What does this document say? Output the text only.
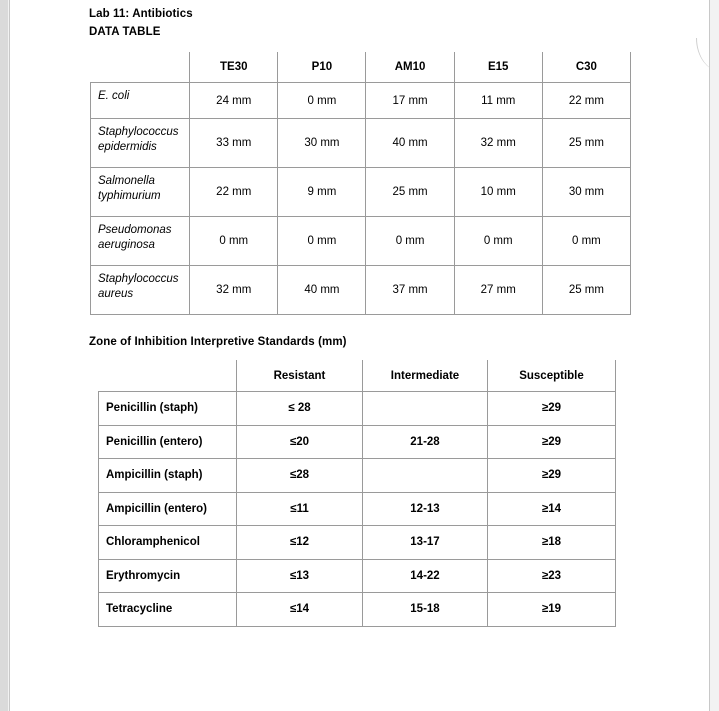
Lab 11: Antibiotics
DATA TABLE
	TE30	P10	AM10	E15	C30
E. coli	24 mm	0 mm	17 mm	11 mm	22 mm
Staphylococcus epidermidis	33 mm	30 mm	40 mm	32 mm	25 mm
Salmonella typhimurium	22 mm	9 mm	25 mm	10 mm	30 mm
Pseudomonas aeruginosa	0 mm	0 mm	0 mm	0 mm	0 mm
Staphylococcus aureus	32 mm	40 mm	37 mm	27 mm	25 mm
Zone of Inhibition Interpretive Standards (mm)
	Resistant	Intermediate	Susceptible
Penicillin (staph)	≤ 28		≥29
Penicillin (entero)	≤20	21-28	≥29
Ampicillin (staph)	≤28		≥29
Ampicillin (entero)	≤11	12-13	≥14
Chloramphenicol	≤12	13-17	≥18
Erythromycin	≤13	14-22	≥23
Tetracycline	≤14	15-18	≥19
